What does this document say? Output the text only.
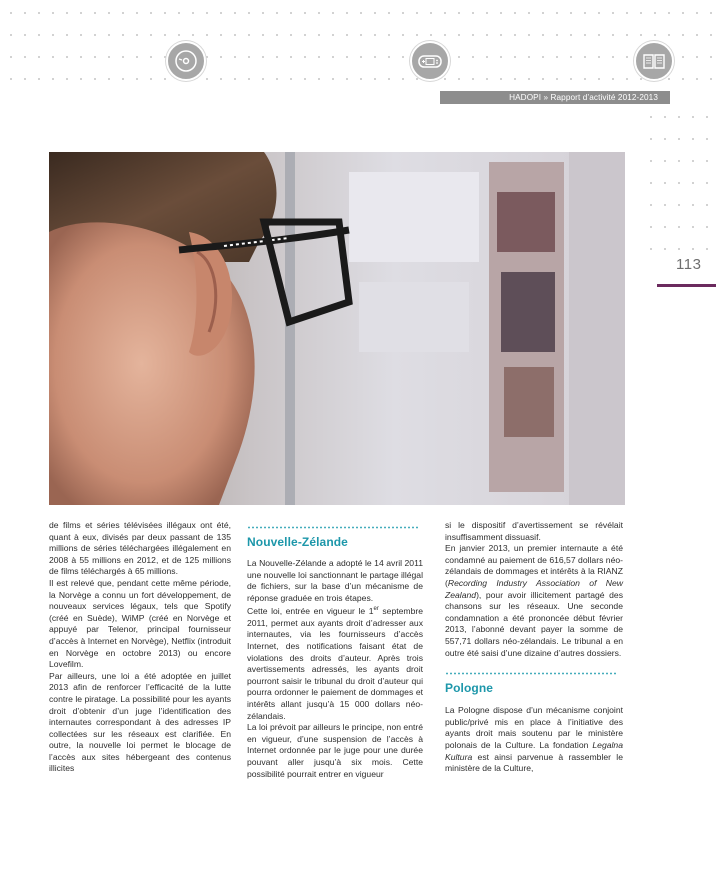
HADOPI » Rapport d’activité 2012-2013
113

de films et séries télévisées illégaux ont été, quant à eux, divisés par deux passant de 135 millions de séries téléchargées illégalement en 2008 à 55 millions en 2012, et de 125 millions de films téléchargés à 65 millions.

Il est relevé que, pendant cette même période, la Norvège a connu un fort développement, de nouveaux services légaux, tels que Spotify (créé en Suède), WiMP (créé en Norvège et appuyé par Telenor, principal fournisseur d’accès à Internet en Norvège), Netflix (introduit en Norvège en octobre 2013) ou encore Lovefilm.

Par ailleurs, une loi a été adoptée en juillet 2013 afin de renforcer l’efficacité de la lutte contre le piratage. La possibilité pour les ayants droit d’obtenir d’un juge l’identification des internautes correspondant à des adresses IP collectées sur les réseaux est clarifiée. En outre, la nouvelle loi permet le blocage de l’accès aux sites hébergeant des contenus illicites

Nouvelle-Zélande

La Nouvelle-Zélande a adopté le 14 avril 2011 une nouvelle loi sanctionnant le partage illégal de fichiers, sur la base d’un mécanisme de réponse graduée en trois étapes.

Cette loi, entrée en vigueur le 1er septembre 2011, permet aux ayants droit d’adresser aux internautes, via les fournisseurs d’accès Internet, des notifications faisant état de violations des droits d’auteur. Après trois avertissements adressés, les ayants droit pourront saisir le tribunal du droit d’auteur qui pourra ordonner le paiement de dommages et intérêts allant jusqu’à 15 000 dollars néo-zélandais.

La loi prévoit par ailleurs le principe, non entré en vigueur, d’une suspension de l’accès à Internet ordonnée par le juge pour une durée pouvant aller jusqu’à six mois. Cette possibilité pourrait entrer en vigueur

si le dispositif d’avertissement se révélait insuffisamment dissuasif.

En janvier 2013, un premier internaute a été condamné au paiement de 616,57 dollars néo-zélandais de dommages et intérêts à la RIANZ (Recording Industry Association of New Zealand), pour avoir illicitement partagé des chansons sur les réseaux. Une seconde condamnation a été prononcée début février 2013, l’abonné devant payer la somme de 557,71 dollars néo-zélandais. Le tribunal a en outre été saisi d’une dizaine d’autres dossiers.

Pologne

La Pologne dispose d’un mécanisme conjoint public/privé mis en place à l’initiative des ayants droit mais soutenu par le ministère polonais de la Culture. La fondation Legalna Kultura est ainsi parvenue à rassembler le ministère de la Culture,
